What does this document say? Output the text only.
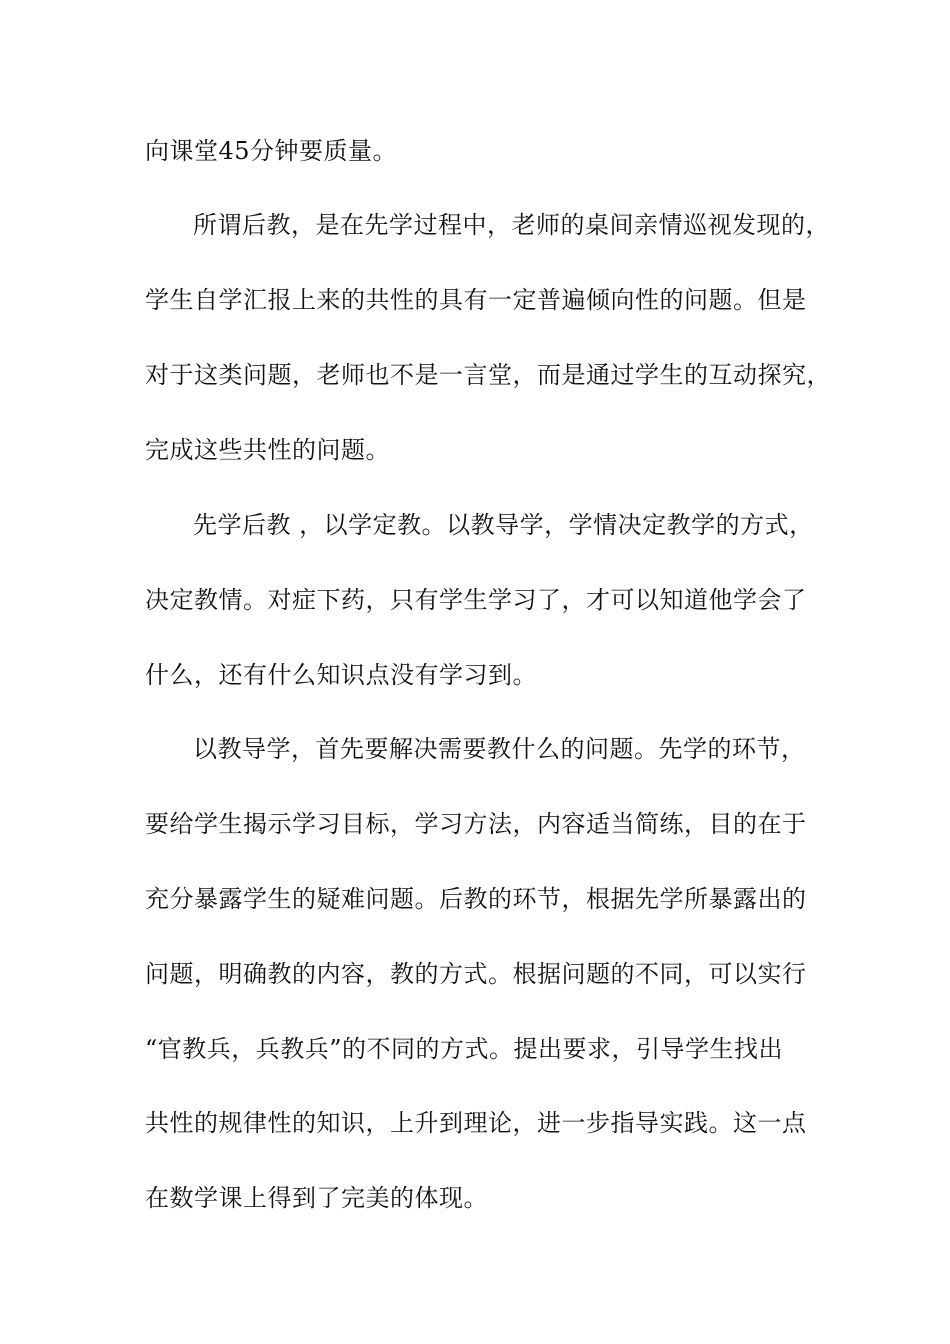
向课堂45分钟要质量。
所谓后教，是在先学过程中，老师的桌间亲情巡视发现的，
学生自学汇报上来的共性的具有一定普遍倾向性的问题。但是
对于这类问题，老师也不是一言堂，而是通过学生的互动探究，
完成这些共性的问题。
先学后教 ，以学定教。以教导学，学情决定教学的方式，
决定教情。对症下药，只有学生学习了，才可以知道他学会了
什么，还有什么知识点没有学习到。
以教导学，首先要解决需要教什么的问题。先学的环节，
要给学生揭示学习目标，学习方法，内容适当简练，目的在于
充分暴露学生的疑难问题。后教的环节，根据先学所暴露出的
问题，明确教的内容，教的方式。根据问题的不同，可以实行
“官教兵，兵教兵”的不同的方式。提出要求，引导学生找出
共性的规律性的知识，上升到理论，进一步指导实践。这一点
在数学课上得到了完美的体现。
